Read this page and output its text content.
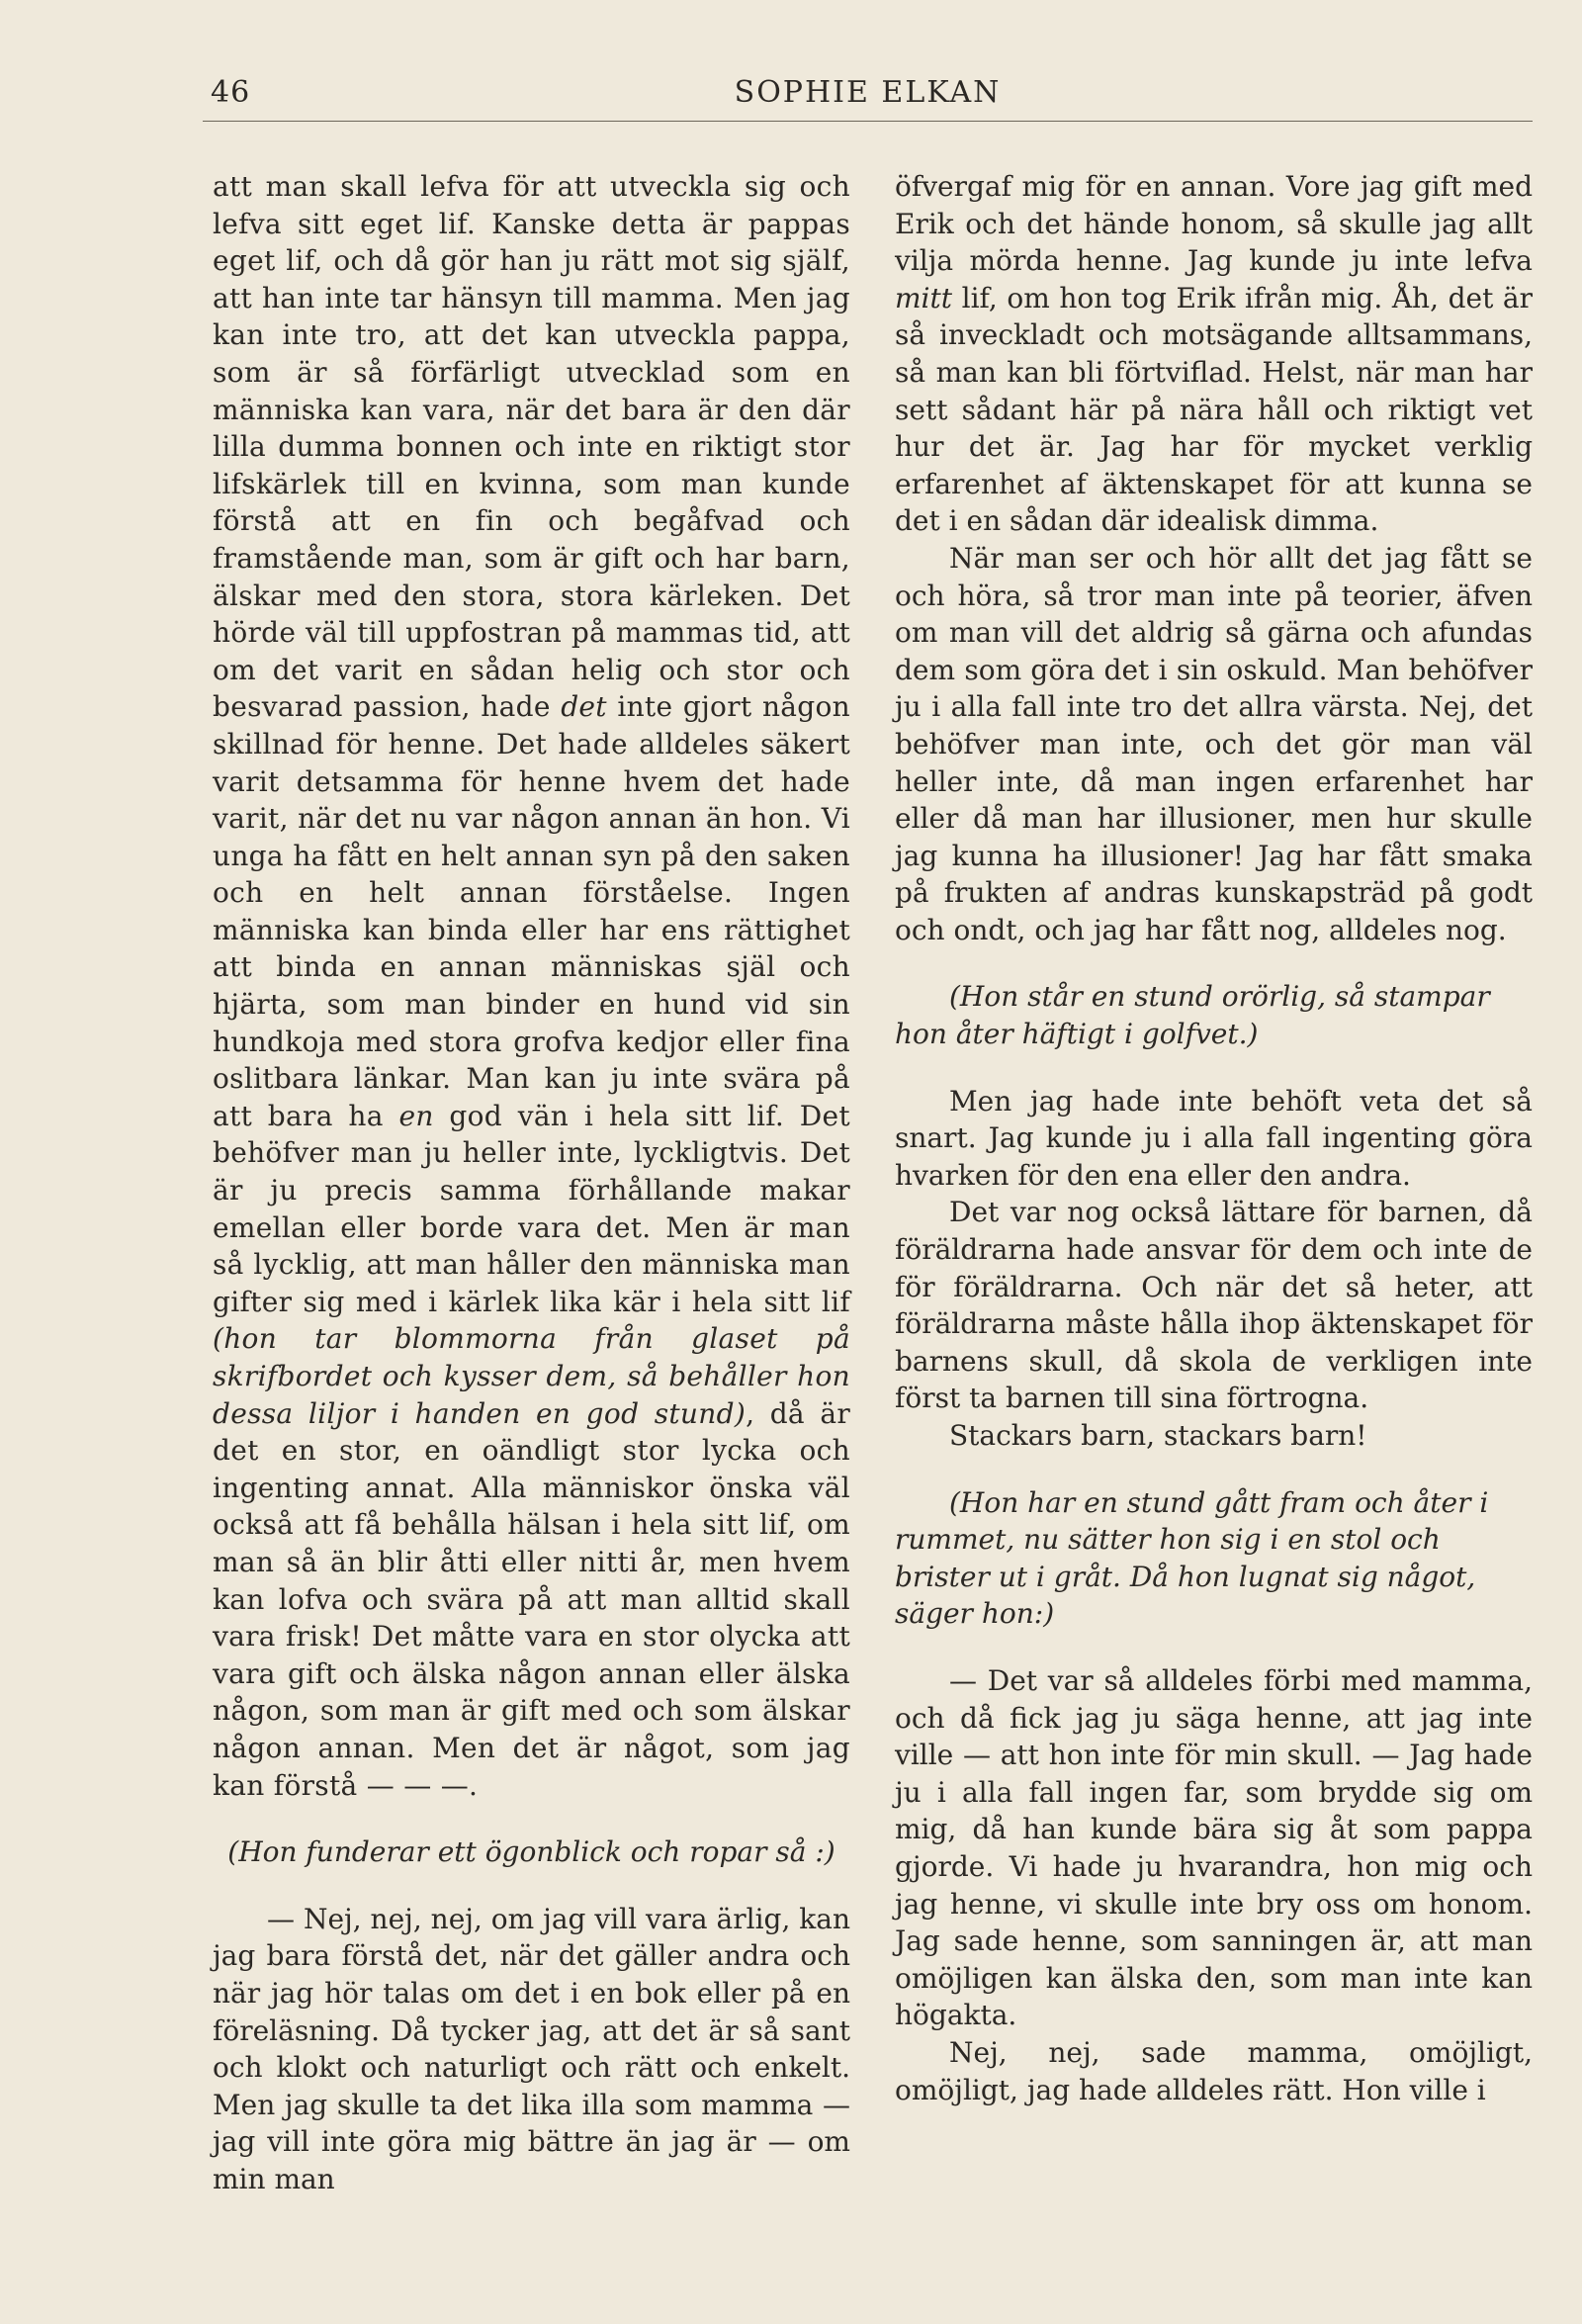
46	SOPHIE ELKAN

att man skall lefva för att utveckla sig och lefva sitt eget lif. Kanske detta är pappas eget lif, och då gör han ju rätt mot sig själf, att han inte tar hänsyn till mamma. Men jag kan inte tro, att det kan utveckla pappa, som är så förfärligt utvecklad som en människa kan vara, när det bara är den där lilla dumma bonnen och inte en riktigt stor lifskärlek till en kvinna, som man kunde förstå att en fin och begåfvad och framstående man, som är gift och har barn, älskar med den stora, stora kärleken. Det hörde väl till uppfostran på mammas tid, att om det varit en sådan helig och stor och besvarad passion, hade det inte gjort någon skillnad för henne. Det hade alldeles säkert varit detsamma för henne hvem det hade varit, när det nu var någon annan än hon. Vi unga ha fått en helt annan syn på den saken och en helt annan förståelse. Ingen människa kan binda eller har ens rättighet att binda en annan människas själ och hjärta, som man binder en hund vid sin hundkoja med stora grofva kedjor eller fina oslitbara länkar. Man kan ju inte svära på att bara ha en god vän i hela sitt lif. Det behöfver man ju heller inte, lyckligtvis. Det är ju precis samma förhållande makar emellan eller borde vara det. Men är man så lycklig, att man håller den människa man gifter sig med i kärlek lika kär i hela sitt lif (hon tar blommorna från glaset på skrifbordet och kysser dem, så behåller hon dessa liljor i handen en god stund), då är det en stor, en oändligt stor lycka och ingenting annat. Alla människor önska väl också att få behålla hälsan i hela sitt lif, om man så än blir åtti eller nitti år, men hvem kan lofva och svära på att man alltid skall vara frisk! Det måtte vara en stor olycka att vara gift och älska någon annan eller älska någon, som man är gift med och som älskar någon annan. Men det är något, som jag kan förstå — — —.

(Hon funderar ett ögonblick och ropar så :)

— Nej, nej, nej, om jag vill vara ärlig, kan jag bara förstå det, när det gäller andra och när jag hör talas om det i en bok eller på en föreläsning. Då tycker jag, att det är så sant och klokt och naturligt och rätt och enkelt. Men jag skulle ta det lika illa som mamma — jag vill inte göra mig bättre än jag är — om min man

öfvergaf mig för en annan. Vore jag gift med Erik och det hände honom, så skulle jag allt vilja mörda henne. Jag kunde ju inte lefva mitt lif, om hon tog Erik ifrån mig. Åh, det är så inveckladt och motsägande alltsammans, så man kan bli förtviflad. Helst, när man har sett sådant här på nära håll och riktigt vet hur det är. Jag har för mycket verklig erfarenhet af äktenskapet för att kunna se det i en sådan där idealisk dimma.

När man ser och hör allt det jag fått se och höra, så tror man inte på teorier, äfven om man vill det aldrig så gärna och afundas dem som göra det i sin oskuld. Man behöfver ju i alla fall inte tro det allra värsta. Nej, det behöfver man inte, och det gör man väl heller inte, då man ingen erfarenhet har eller då man har illusioner, men hur skulle jag kunna ha illusioner! Jag har fått smaka på frukten af andras kunskapsträd på godt och ondt, och jag har fått nog, alldeles nog.

(Hon står en stund orörlig, så stampar hon åter häftigt i golfvet.)

Men jag hade inte behöft veta det så snart. Jag kunde ju i alla fall ingenting göra hvarken för den ena eller den andra.

Det var nog också lättare för barnen, då föräldrarna hade ansvar för dem och inte de för föräldrarna. Och när det så heter, att föräldrarna måste hålla ihop äktenskapet för barnens skull, då skola de verkligen inte först ta barnen till sina förtrogna.

Stackars barn, stackars barn!

(Hon har en stund gått fram och åter i rummet, nu sätter hon sig i en stol och brister ut i gråt. Då hon lugnat sig något, säger hon:)

— Det var så alldeles förbi med mamma, och då fick jag ju säga henne, att jag inte ville — att hon inte för min skull. — Jag hade ju i alla fall ingen far, som brydde sig om mig, då han kunde bära sig åt som pappa gjorde. Vi hade ju hvarandra, hon mig och jag henne, vi skulle inte bry oss om honom. Jag sade henne, som sanningen är, att man omöjligen kan älska den, som man inte kan högakta.

Nej, nej, sade mamma, omöjligt, omöjligt, jag hade alldeles rätt. Hon ville i
